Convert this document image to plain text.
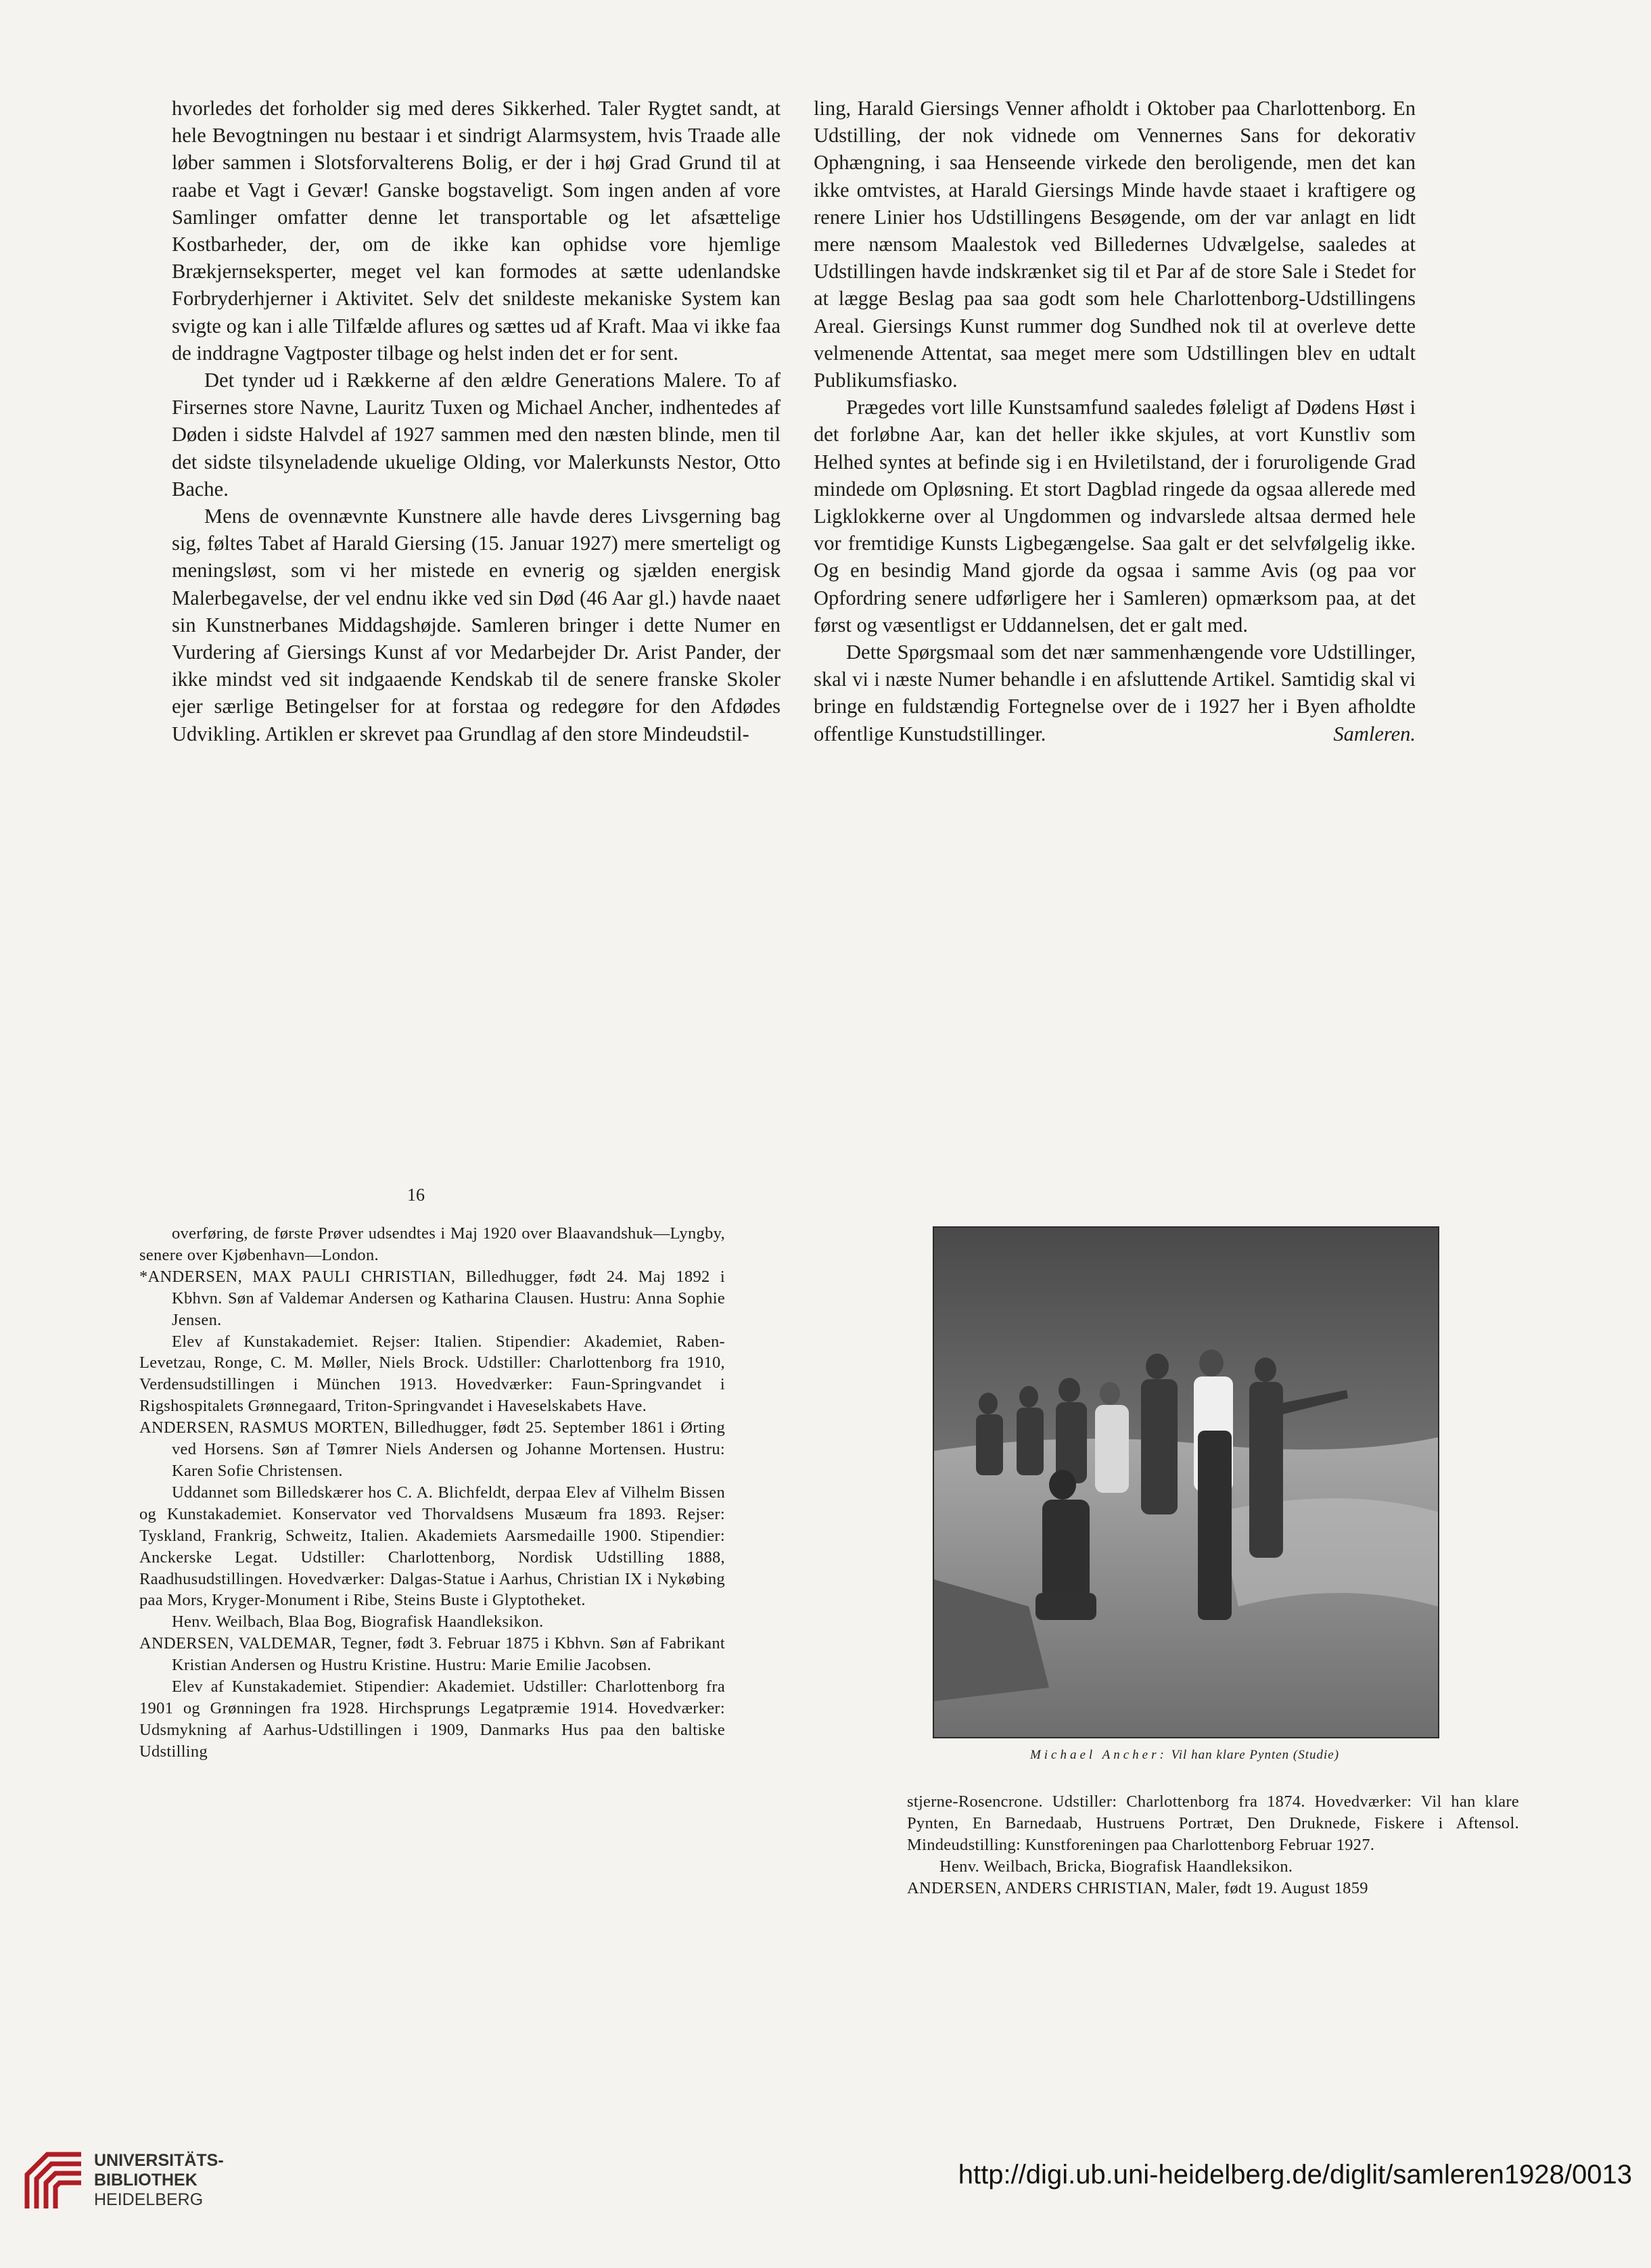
hvorledes det forholder sig med deres Sikkerhed. Taler Rygtet sandt, at hele Bevogtningen nu bestaar i et sindrigt Alarmsystem, hvis Traade alle løber sammen i Slotsforvalterens Bolig, er der i høj Grad Grund til at raabe et Vagt i Gevær! Ganske bogstaveligt. Som ingen anden af vore Samlinger omfatter denne let transportable og let afsættelige Kostbarheder, der, om de ikke kan ophidse vore hjemlige Brækjernseksperter, meget vel kan formodes at sætte udenlandske Forbryderhjerner i Aktivitet. Selv det snildeste mekaniske System kan svigte og kan i alle Tilfælde aflures og sættes ud af Kraft. Maa vi ikke faa de inddragne Vagtposter tilbage og helst inden det er for sent.

Det tynder ud i Rækkerne af den ældre Generations Malere. To af Firsernes store Navne, Lauritz Tuxen og Michael Ancher, indhentedes af Døden i sidste Halvdel af 1927 sammen med den næsten blinde, men til det sidste tilsyneladende ukuelige Olding, vor Malerkunsts Nestor, Otto Bache.

Mens de ovennævnte Kunstnere alle havde deres Livsgerning bag sig, føltes Tabet af Harald Giersing (15. Januar 1927) mere smerteligt og meningsløst, som vi her mistede en evnerig og sjælden energisk Malerbegavelse, der vel endnu ikke ved sin Død (46 Aar gl.) havde naaet sin Kunstnerbanes Middagshøjde. Samleren bringer i dette Numer en Vurdering af Giersings Kunst af vor Medarbejder Dr. Arist Pander, der ikke mindst ved sit indgaaende Kendskab til de senere franske Skoler ejer særlige Betingelser for at forstaa og redegøre for den Afdødes Udvikling. Artiklen er skrevet paa Grundlag af den store Mindeudstil-

ling, Harald Giersings Venner afholdt i Oktober paa Charlottenborg. En Udstilling, der nok vidnede om Vennernes Sans for dekorativ Ophængning, i saa Henseende virkede den beroligende, men det kan ikke omtvistes, at Harald Giersings Minde havde staaet i kraftigere og renere Linier hos Udstillingens Besøgende, om der var anlagt en lidt mere nænsom Maalestok ved Billedernes Udvælgelse, saaledes at Udstillingen havde indskrænket sig til et Par af de store Sale i Stedet for at lægge Beslag paa saa godt som hele Charlottenborg-Udstillingens Areal. Giersings Kunst rummer dog Sundhed nok til at overleve dette velmenende Attentat, saa meget mere som Udstillingen blev en udtalt Publikumsfiasko.

Prægedes vort lille Kunstsamfund saaledes føleligt af Dødens Høst i det forløbne Aar, kan det heller ikke skjules, at vort Kunstliv som Helhed syntes at befinde sig i en Hviletilstand, der i foruroligende Grad mindede om Opløsning. Et stort Dagblad ringede da ogsaa allerede med Ligklokkerne over al Ungdommen og indvarslede altsaa dermed hele vor fremtidige Kunsts Ligbegængelse. Saa galt er det selvfølgelig ikke. Og en besindig Mand gjorde da ogsaa i samme Avis (og paa vor Opfordring senere udførligere her i Samleren) opmærksom paa, at det først og væsentligst er Uddannelsen, det er galt med.

Dette Spørgsmaal som det nær sammenhængende vore Udstillinger, skal vi i næste Numer behandle i en afsluttende Artikel. Samtidig skal vi bringe en fuldstændig Fortegnelse over de i 1927 her i Byen afholdte offentlige Kunstudstillinger.	Samleren.

16

overføring, de første Prøver udsendtes i Maj 1920 over Blaavandshuk—Lyngby, senere over Kjøbenhavn—London.

*ANDERSEN, MAX PAULI CHRISTIAN, Billedhugger, født 24. Maj 1892 i Kbhvn. Søn af Valdemar Andersen og Katharina Clausen. Hustru: Anna Sophie Jensen.

Elev af Kunstakademiet. Rejser: Italien. Stipendier: Akademiet, Raben-Levetzau, Ronge, C. M. Møller, Niels Brock. Udstiller: Charlottenborg fra 1910, Verdensudstillingen i München 1913. Hovedværker: Faun-Springvandet i Rigshospitalets Grønnegaard, Triton-Springvandet i Haveselskabets Have.

ANDERSEN, RASMUS MORTEN, Billedhugger, født 25. September 1861 i Ørting ved Horsens. Søn af Tømrer Niels Andersen og Johanne Mortensen. Hustru: Karen Sofie Christensen.

Uddannet som Billedskærer hos C. A. Blichfeldt, derpaa Elev af Vilhelm Bissen og Kunstakademiet. Konservator ved Thorvaldsens Musæum fra 1893. Rejser: Tyskland, Frankrig, Schweitz, Italien. Akademiets Aarsmedaille 1900. Stipendier: Anckerske Legat. Udstiller: Charlottenborg, Nordisk Udstilling 1888, Raadhusudstillingen. Hovedværker: Dalgas-Statue i Aarhus, Christian IX i Nykøbing paa Mors, Kryger-Monument i Ribe, Steins Buste i Glyptotheket.

Henv. Weilbach, Blaa Bog, Biografisk Haandleksikon.

ANDERSEN, VALDEMAR, Tegner, født 3. Februar 1875 i Kbhvn. Søn af Fabrikant Kristian Andersen og Hustru Kristine. Hustru: Marie Emilie Jacobsen.

Elev af Kunstakademiet. Stipendier: Akademiet. Udstiller: Charlottenborg fra 1901 og Grønningen fra 1928. Hirchsprungs Legatpræmie 1914. Hovedværker: Udsmykning af Aarhus-Udstillingen i 1909, Danmarks Hus paa den baltiske Udstilling	Michael Ancher: Vil han klare Pynten (Studie)

stjerne-Rosencrone. Udstiller: Charlottenborg fra 1874. Hovedværker: Vil han klare Pynten, En Barnedaab, Hustruens Portræt, Den Druknede, Fiskere i Aftensol. Mindeudstilling: Kunstforeningen paa Charlottenborg Februar 1927.

Henv. Weilbach, Bricka, Biografisk Haandleksikon.

ANDERSEN, ANDERS CHRISTIAN, Maler, født 19. August 1859

UNIVERSITÄTS-
BIBLIOTHEK
HEIDELBERG
http://digi.ub.uni-heidelberg.de/diglit/samleren1928/0013
